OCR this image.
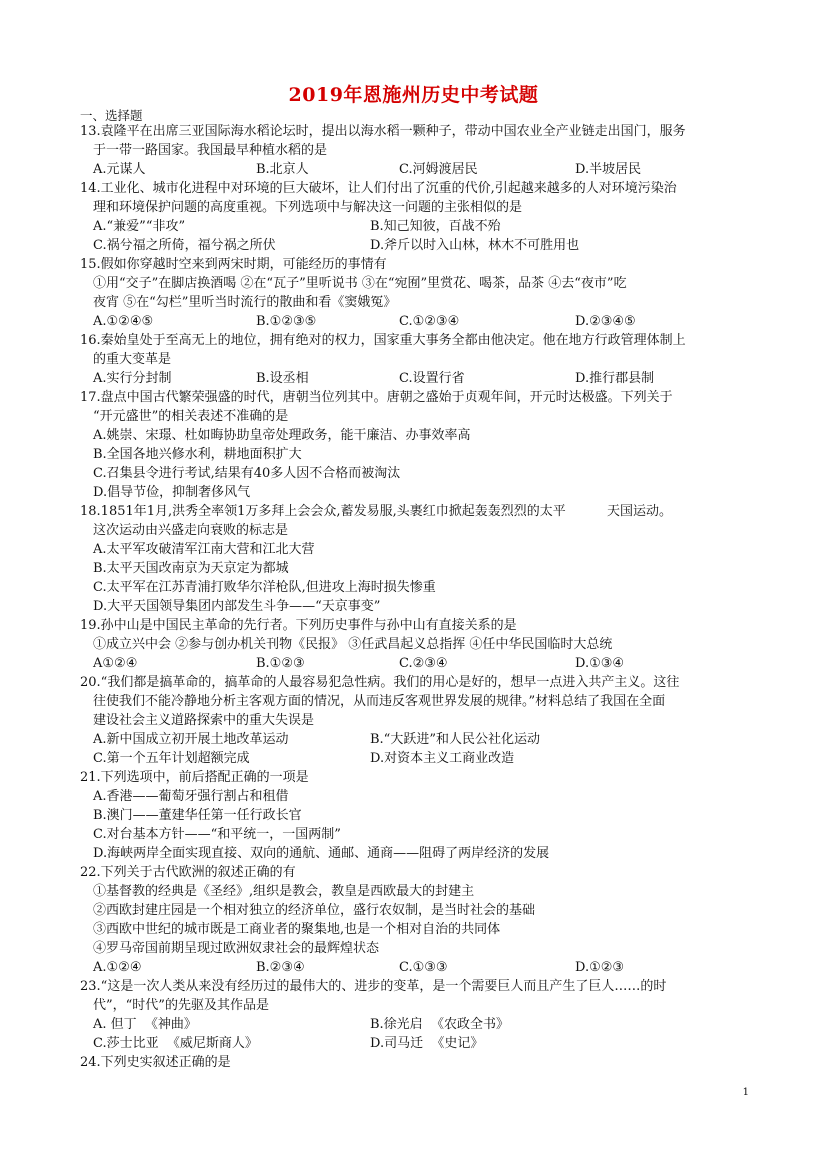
2019年恩施州历史中考试题
一、选择题
13.袁隆平在出席三亚国际海水稻论坛时，提出以海水稻一颗种子，带动中国农业全产业链走出国门，服务
于一带一路国家。我国最早种植水稻的是
A.元谋人	B.北京人	C.河姆渡居民	D.半坡居民
14.工业化、城市化进程中对环境的巨大破坏，让人们付出了沉重的代价,引起越来越多的人对环境污染治
理和环境保护问题的高度重视。下列选项中与解决这一问题的主张相似的是
A.“兼爱”“非攻”	B.知己知彼，百战不殆
C.祸兮福之所倚，福兮祸之所伏	D.斧斤以时入山林，林木不可胜用也
15.假如你穿越时空来到两宋时期，可能经历的事情有
①用“交子”在脚店换酒喝 ②在“瓦子”里听说书 ③在“宛囿”里赏花、喝茶，品茶 ④去“夜市”吃
夜宵 ⑤在“勾栏”里听当时流行的散曲和看《窦娥冤》
A.①②④⑤	B.①②③⑤	C.①②③④	D.②③④⑤
16.秦始皇处于至高无上的地位，拥有绝对的权力，国家重大事务全都由他决定。他在地方行政管理体制上
的重大变革是
A.实行分封制	B.设丞相	C.设置行省	D.推行郡县制
17.盘点中国古代繁荣强盛的时代，唐朝当位列其中。唐朝之盛始于贞观年间，开元时达极盛。下列关于
“开元盛世”的相关表述不准确的是
A.姚崇、宋璟、杜如晦协助皇帝处理政务，能干廉洁、办事效率高
B.全国各地兴修水利，耕地面积扩大
C.召集县令进行考试,结果有40多人因不合格而被淘汰
D.倡导节俭，抑制奢侈风气
18.1851年1月,洪秀全率领1万多拜上会会众,蓄发易服,头裹红巾掀起轰轰烈烈的太平          天国运动。
这次运动由兴盛走向衰败的标志是
A.太平军攻破清军江南大营和江北大营
B.太平天国改南京为天京定为都城
C.太平军在江苏青浦打败华尔洋枪队,但进攻上海时损失惨重
D.大平天国领导集团内部发生斗争——“天京事变”
19.孙中山是中国民主革命的先行者。下列历史事件与孙中山有直接关系的是
①成立兴中会 ②参与创办机关刊物《民报》 ③任武昌起义总指挥 ④任中华民国临时大总统
A①②④	B.①②③	C.②③④	D.①③④
20.“我们都是搞革命的，搞革命的人最容易犯急性病。我们的用心是好的，想早一点进入共产主义。这往
往使我们不能冷静地分析主客观方面的情况，从而违反客观世界发展的规律。”材料总结了我国在全面
建设社会主义道路探索中的重大失误是
A.新中国成立初开展土地改革运动	B.“大跃进”和人民公社化运动
C.第一个五年计划超额完成	D.对资本主义工商业改造
21.下列选项中，前后搭配正确的一项是
A.香港——葡萄牙强行割占和租借
B.澳门——董建华任第一任行政长官
C.对台基本方针——“和平统一，一国两制”
D.海峡两岸全面实现直接、双向的通航、通邮、通商——阻碍了两岸经济的发展
22.下列关于古代欧洲的叙述正确的有
①基督教的经典是《圣经》,组织是教会，教皇是西欧最大的封建主
②西欧封建庄园是一个相对独立的经济单位，盛行农奴制，是当时社会的基础
③西欧中世纪的城市既是工商业者的聚集地,也是一个相对自治的共同体
④罗马帝国前期呈现过欧洲奴隶社会的最辉煌状态
A.①②④	B.②③④	C.①③③	D.①②③
23.“这是一次人类从来没有经历过的最伟大的、进步的变革，是一个需要巨人而且产生了巨人……的时
代”，“时代”的先驱及其作品是
A. 但丁  《神曲》	B.徐光启  《农政全书》
C.莎士比亚  《威尼斯商人》	D.司马迁  《史记》
24.下列史实叙述正确的是
1
